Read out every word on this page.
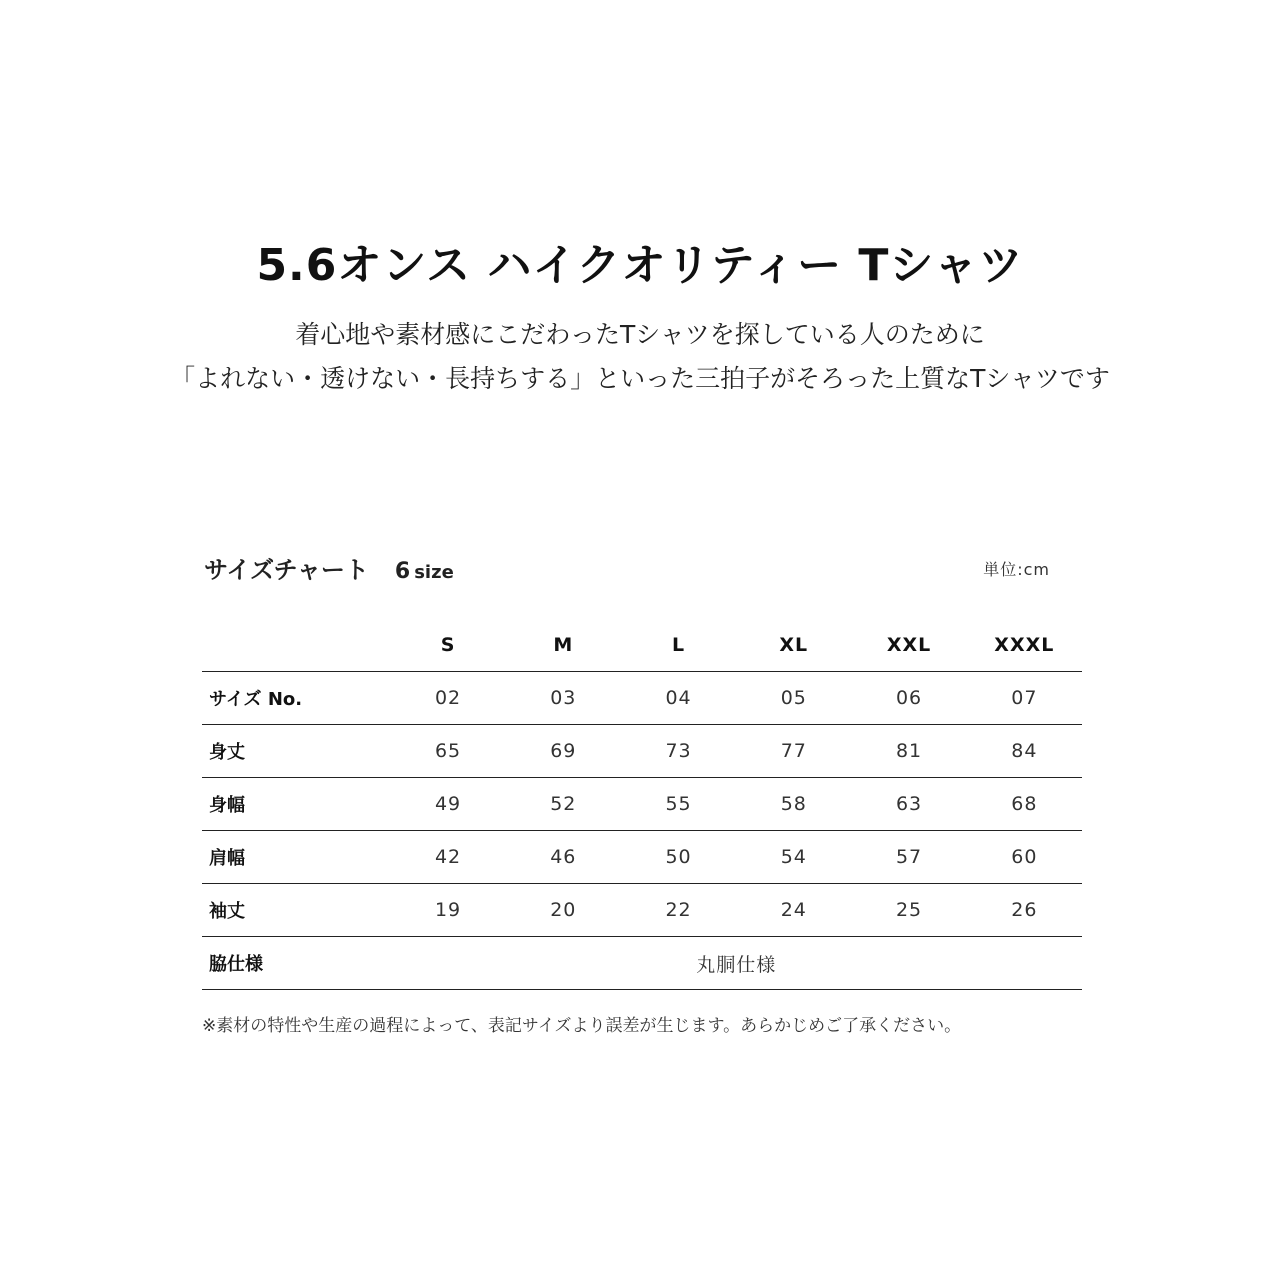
5.6オンス ハイクオリティー Tシャツ
着心地や素材感にこだわったTシャツを探している人のために
「よれない・透けない・長持ちする」といった三拍子がそろった上質なTシャツです
サイズチャート 6 size	単位:cm
	S	M	L	XL	XXL	XXXL
サイズ No.	02	03	04	05	06	07
身丈	65	69	73	77	81	84
身幅	49	52	55	58	63	68
肩幅	42	46	50	54	57	60
袖丈	19	20	22	24	25	26
脇仕様	丸胴仕様					
※素材の特性や生産の過程によって、表記サイズより誤差が生じます。あらかじめご了承ください。
